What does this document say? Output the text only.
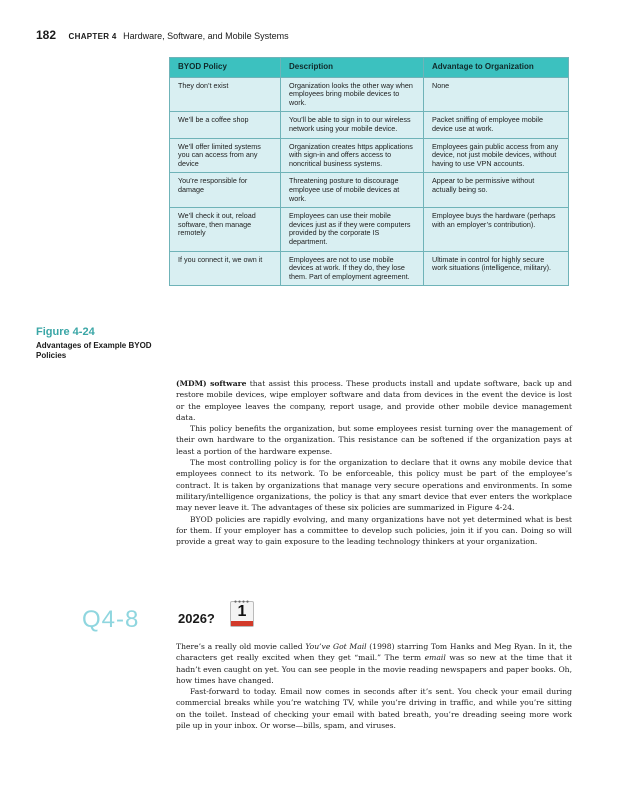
182 CHAPTER 4 Hardware, Software, and Mobile Systems
BYOD Policy	Description	Advantage to Organization
They don’t exist	Organization looks the other way when employees bring mobile devices to work.	None
We’ll be a coffee shop	You’ll be able to sign in to our wireless network using your mobile device.	Packet sniffing of employee mobile device use at work.
We’ll offer limited systems you can access from any device	Organization creates https applications with sign-in and offers access to noncritical business systems.	Employees gain public access from any device, not just mobile devices, without having to use VPN accounts.
You’re responsible for damage	Threatening posture to discourage employee use of mobile devices at work.	Appear to be permissive without actually being so.
We’ll check it out, reload software, then manage remotely	Employees can use their mobile devices just as if they were computers provided by the corporate IS department.	Employee buys the hardware (perhaps with an employer’s contribution).
If you connect it, we own it	Employees are not to use mobile devices at work. If they do, they lose them. Part of employment agreement.	Ultimate in control for highly secure work situations (intelligence, military).
Figure 4-24
Advantages of Example BYOD Policies

(MDM) software that assist this process. These products install and update software, back up and restore mobile devices, wipe employer software and data from devices in the event the device is lost or the employee leaves the company, report usage, and provide other mobile device management data.

This policy benefits the organization, but some employees resist turning over the management of their own hardware to the organization. This resistance can be softened if the organization pays at least a portion of the hardware expense.

The most controlling policy is for the organization to declare that it owns any mobile device that employees connect to its network. To be enforceable, this policy must be part of the employee’s contract. It is taken by organizations that manage very secure operations and environments. In some military/intelligence organizations, the policy is that any smart device that ever enters the workplace may never leave it. The advantages of these six policies are summarized in Figure 4-24.

BYOD policies are rapidly evolving, and many organizations have not yet determined what is best for them. If your employer has a committee to develop such policies, join it if you can. Doing so will provide a great way to gain exposure to the leading technology thinkers at your organization.

Q4-8	2026?
●●●●
1

There’s a really old movie called You’ve Got Mail (1998) starring Tom Hanks and Meg Ryan. In it, the characters get really excited when they get “mail.” The term email was so new at the time that it hadn’t even caught on yet. You can see people in the movie reading newspapers and paper books. Oh, how times have changed.

Fast-forward to today. Email now comes in seconds after it’s sent. You check your email during commercial breaks while you’re watching TV, while you’re driving in traffic, and while you’re sitting on the toilet. Instead of checking your email with bated breath, you’re dreading seeing more work pile up in your inbox. Or worse—bills, spam, and viruses.
